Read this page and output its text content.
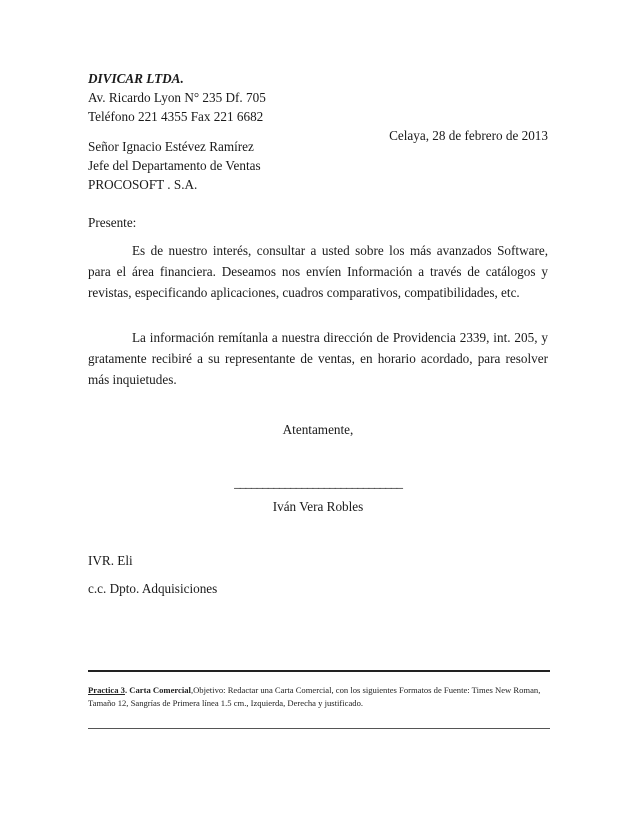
DIVICAR LTDA.
Av. Ricardo Lyon N° 235 Df. 705
Teléfono 221 4355 Fax 221 6682
Celaya, 28 de febrero de 2013
Señor Ignacio Estévez Ramírez
Jefe del Departamento de Ventas
PROCOSOFT . S.A.
Presente:
Es de nuestro interés, consultar a usted sobre los más avanzados Software, para el área financiera. Deseamos nos envíen Información a través de catálogos y revistas, especificando aplicaciones, cuadros comparativos, compatibilidades, etc.
La información remítanla a nuestra dirección de Providencia 2339, int. 205, y gratamente recibiré a su representante de ventas, en horario acordado, para resolver más inquietudes.
Atentamente,
______________________________
Iván Vera Robles
IVR. Eli
c.c. Dpto. Adquisiciones
Practica 3. Carta Comercial,Objetivo: Redactar una Carta Comercial, con los siguientes Formatos de Fuente: Times New Roman, Tamaño 12, Sangrías de Primera línea 1.5 cm., Izquierda, Derecha y justificado.
